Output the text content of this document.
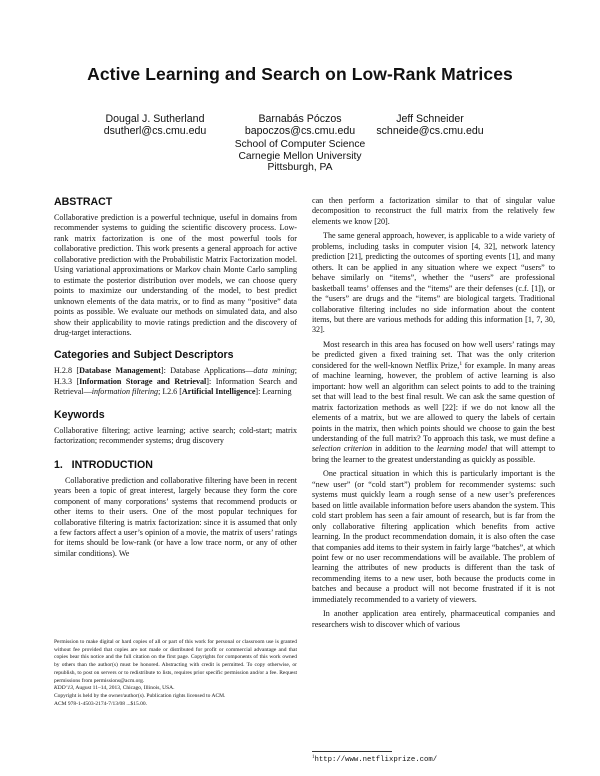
Active Learning and Search on Low-Rank Matrices
Dougal J. Sutherland
dsutherl@cs.cmu.edu
Barnabás Póczos
bapoczos@cs.cmu.edu
Jeff Schneider
schneide@cs.cmu.edu
School of Computer Science
Carnegie Mellon University
Pittsburgh, PA
ABSTRACT

Collaborative prediction is a powerful technique, useful in domains from recommender systems to guiding the scientific discovery process. Low-rank matrix factorization is one of the most powerful tools for collaborative prediction. This work presents a general approach for active collaborative prediction with the Probabilistic Matrix Factorization model. Using variational approximations or Markov chain Monte Carlo sampling to estimate the posterior distribution over models, we can choose query points to maximize our understanding of the model, to best predict unknown elements of the data matrix, or to find as many “positive” data points as possible. We evaluate our methods on simulated data, and also show their applicability to movie ratings prediction and the discovery of drug-target interactions.

Categories and Subject Descriptors

H.2.8 [Database Management]: Database Applications—data mining; H.3.3 [Information Storage and Retrieval]: Information Search and Retrieval—information filtering; I.2.6 [Artificial Intelligence]: Learning

Keywords

Collaborative filtering; active learning; active search; cold-start; matrix factorization; recommender systems; drug discovery

1.   INTRODUCTION

Collaborative prediction and collaborative filtering have been in recent years been a topic of great interest, largely because they form the core component of many corporations’ systems that recommend products or other items to their users. One of the most popular techniques for collaborative filtering is matrix factorization: since it is assumed that only a few factors affect a user’s opinion of a movie, the matrix of users’ ratings for items should be low-rank (or have a low trace norm, or any of other similar conditions). We

Permission to make digital or hard copies of all or part of this work for personal or classroom use is granted without fee provided that copies are not made or distributed for profit or commercial advantage and that copies bear this notice and the full citation on the first page. Copyrights for components of this work owned by others than the author(s) must be honored. Abstracting with credit is permitted. To copy otherwise, or republish, to post on servers or to redistribute to lists, requires prior specific permission and/or a fee. Request permissions from permissions@acm.org.

KDD’13, August 11–14, 2013, Chicago, Illinois, USA.

Copyright is held by the owner/author(s). Publication rights licensed to ACM.

ACM 978-1-4503-2174-7/13/08 ...$15.00.

can then perform a factorization similar to that of singular value decomposition to reconstruct the full matrix from the relatively few elements we know [20].

The same general approach, however, is applicable to a wide variety of problems, including tasks in computer vision [4, 32], network latency prediction [21], predicting the outcomes of sporting events [1], and many others. It can be applied in any situation where we expect “users” to behave similarly on “items”, whether the “users” are professional basketball teams’ offenses and the “items” are their defenses (c.f. [1]), or the “users” are drugs and the “items” are biological targets. Traditional collaborative filtering includes no side information about the content items, but there are various methods for adding this information [1, 7, 30, 32].

Most research in this area has focused on how well users’ ratings may be predicted given a fixed training set. That was the only criterion considered for the well-known Netflix Prize,$^1$ for example. In many areas of machine learning, however, the problem of active learning is also important: how well an algorithm can select points to add to the training set that will lead to the best final result. We can ask the same question of matrix factorization methods as well [22]: if we do not know all the elements of a matrix, but we are allowed to query the labels of certain points in the matrix, then which points should we choose to gain the best understanding of the full matrix? To approach this task, we must define a selection criterion in addition to the learning model that will attempt to bring the learner to the greatest understanding as quickly as possible.

One practical situation in which this is particularly important is the “new user” (or “cold start”) problem for recommender systems: such systems must quickly learn a rough sense of a new user’s preferences based on little available information before users abandon the system. This cold start problem has seen a fair amount of research, but is far from the only collaborative filtering application which benefits from active learning. In the product recommendation domain, it is also often the case that companies add items to their system in fairly large “batches”, at which point few or no user recommendations will be available. The problem of learning the attributes of new products is different than the task of recommending items to a new user, both because the products come in batches and because a product will not become frustrated if it is not immediately recommended to a variety of viewers.

In another application area entirely, pharmaceutical companies and researchers wish to discover which of various

$^1$http://www.netflixprize.com/
